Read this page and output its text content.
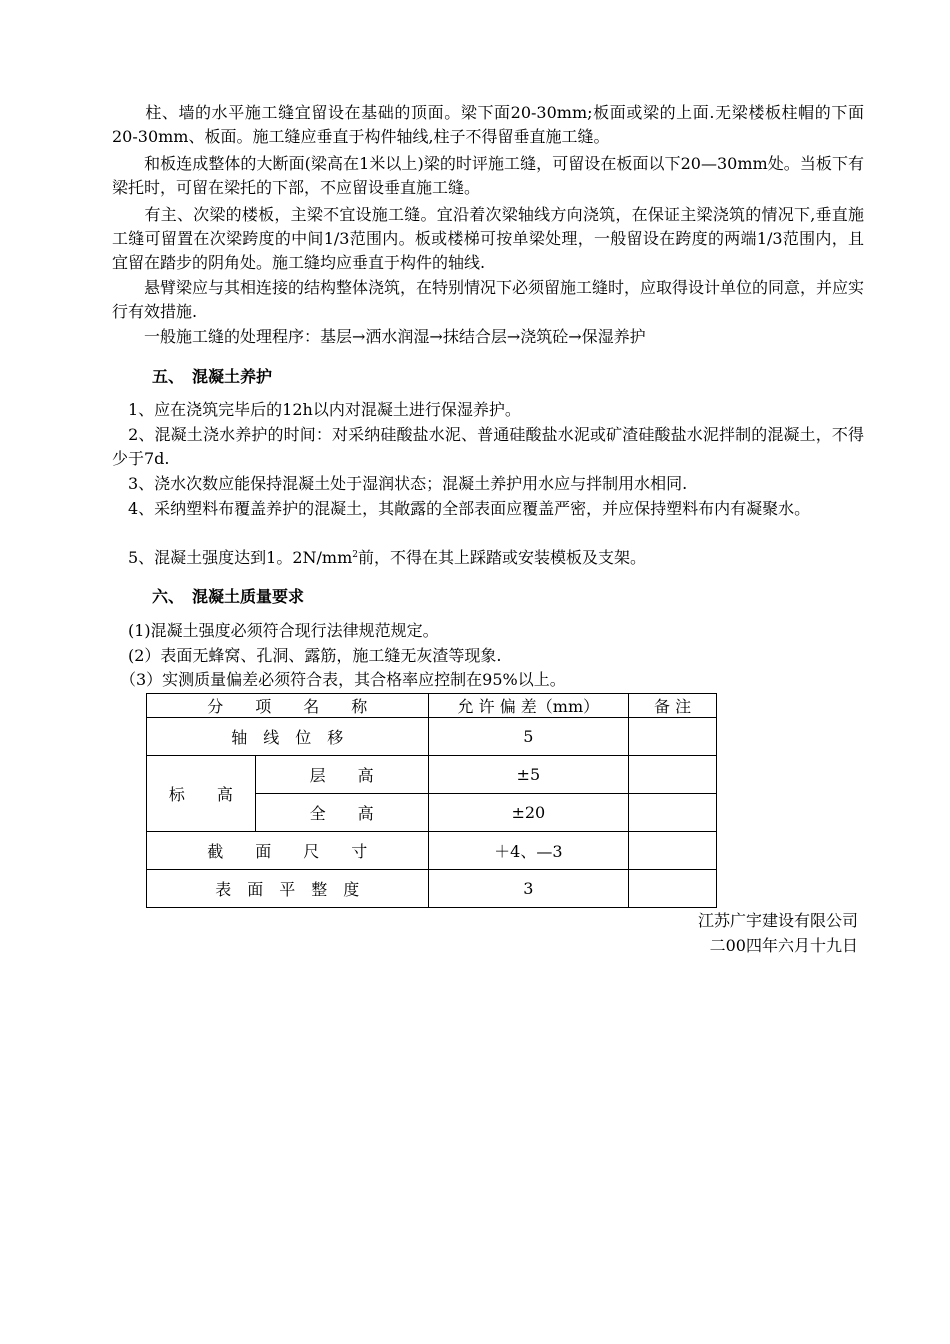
　　柱、墙的水平施工缝宜留设在基础的顶面。梁下面20-30mm;板面或梁的上面.无梁楼板柱帽的下面20-30mm、板面。施工缝应垂直于构件轴线,柱子不得留垂直施工缝。

　　和板连成整体的大断面(梁高在1米以上)梁的时评施工缝，可留设在板面以下20—30mm处。当板下有梁托时，可留在梁托的下部，不应留设垂直施工缝。

　　有主、次梁的楼板，主梁不宜设施工缝。宜沿着次梁轴线方向浇筑，在保证主梁浇筑的情况下,垂直施工缝可留置在次梁跨度的中间1/3范围内。板或楼梯可按单梁处理，一般留设在跨度的两端1/3范围内，且宜留在踏步的阴角处。施工缝均应垂直于构件的轴线.

　　悬臂梁应与其相连接的结构整体浇筑，在特别情况下必须留施工缝时，应取得设计单位的同意，并应实行有效措施.

　　一般施工缝的处理程序：基层→洒水润湿→抹结合层→浇筑砼→保湿养护

五、　混凝土养护

　1、应在浇筑完毕后的12h以内对混凝土进行保湿养护。

　2、混凝土浇水养护的时间：对采纳硅酸盐水泥、普通硅酸盐水泥或矿渣硅酸盐水泥拌制的混凝土，不得少于7d.

　3、浇水次数应能保持混凝土处于湿润状态；混凝土养护用水应与拌制用水相同.

　4、采纳塑料布覆盖养护的混凝土，其敞露的全部表面应覆盖严密，并应保持塑料布内有凝聚水。

　5、混凝土强度达到1。$2N/mm^2$前，不得在其上踩踏或安装模板及支架。

六、　混凝土质量要求

　(1)混凝土强度必须符合现行法律规范规定。

　(2）表面无蜂窝、孔洞、露筋，施工缝无灰渣等现象.

　（3）实测质量偏差必须符合表，其合格率应控制在95%以上。

分　　项　　名　　称		允 许 偏 差（mm）	备 注
轴　线　位　移		5	
标　　高	层　　高	±5	
	全　　高	±20	
截　　面　　尺　　寸		＋4、—3	
表　面　平　整　度		3	

江苏广宇建设有限公司

二00四年六月十九日
